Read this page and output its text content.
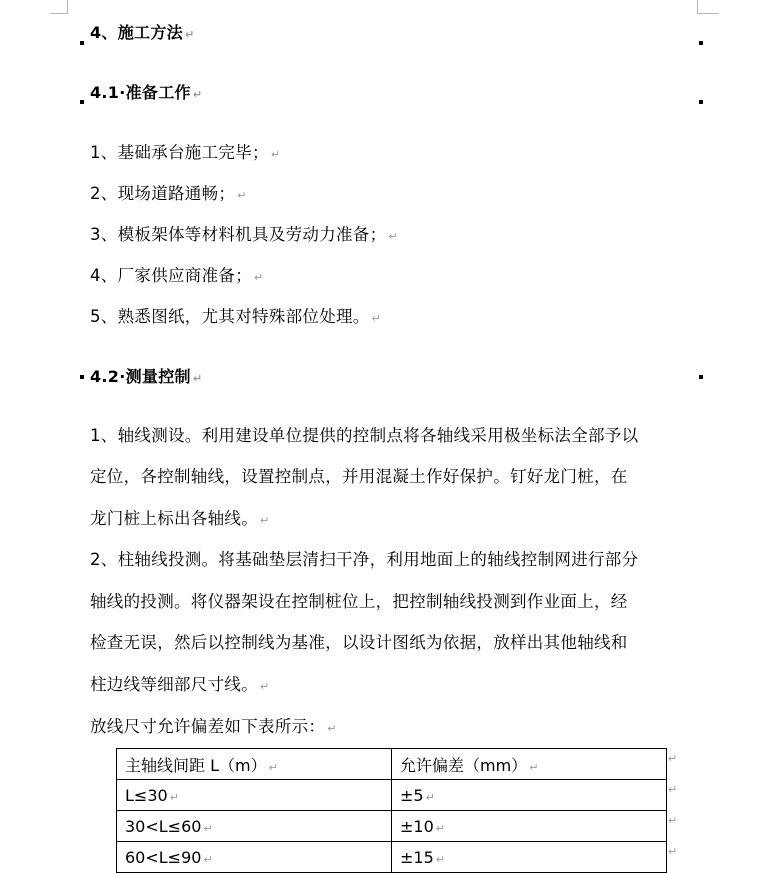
4、施工方法 ↵
4.1·准备工作 ↵
1、基础承台施工完毕； ↵
2、现场道路通畅； ↵
3、模板架体等材料机具及劳动力准备； ↵
4、厂家供应商准备； ↵
5、熟悉图纸，尤其对特殊部位处理。 ↵
4.2·测量控制 ↵
1、轴线测设。利用建设单位提供的控制点将各轴线采用极坐标法全部予以
定位，各控制轴线，设置控制点，并用混凝土作好保护。钉好龙门桩，在
龙门桩上标出各轴线。 ↵
2、柱轴线投测。将基础垫层清扫干净，利用地面上的轴线控制网进行部分
轴线的投测。将仪器架设在控制桩位上，把控制轴线投测到作业面上，经
检查无误，然后以控制线为基准，以设计图纸为依据，放样出其他轴线和
柱边线等细部尺寸线。 ↵
放线尺寸允许偏差如下表所示： ↵
主轴线间距 L（m） ↵	允许偏差（mm） ↵
L≤30 ↵	±5 ↵
30<L≤60 ↵	±10 ↵
60<L≤90 ↵	±15 ↵
↵
↵
↵
↵
